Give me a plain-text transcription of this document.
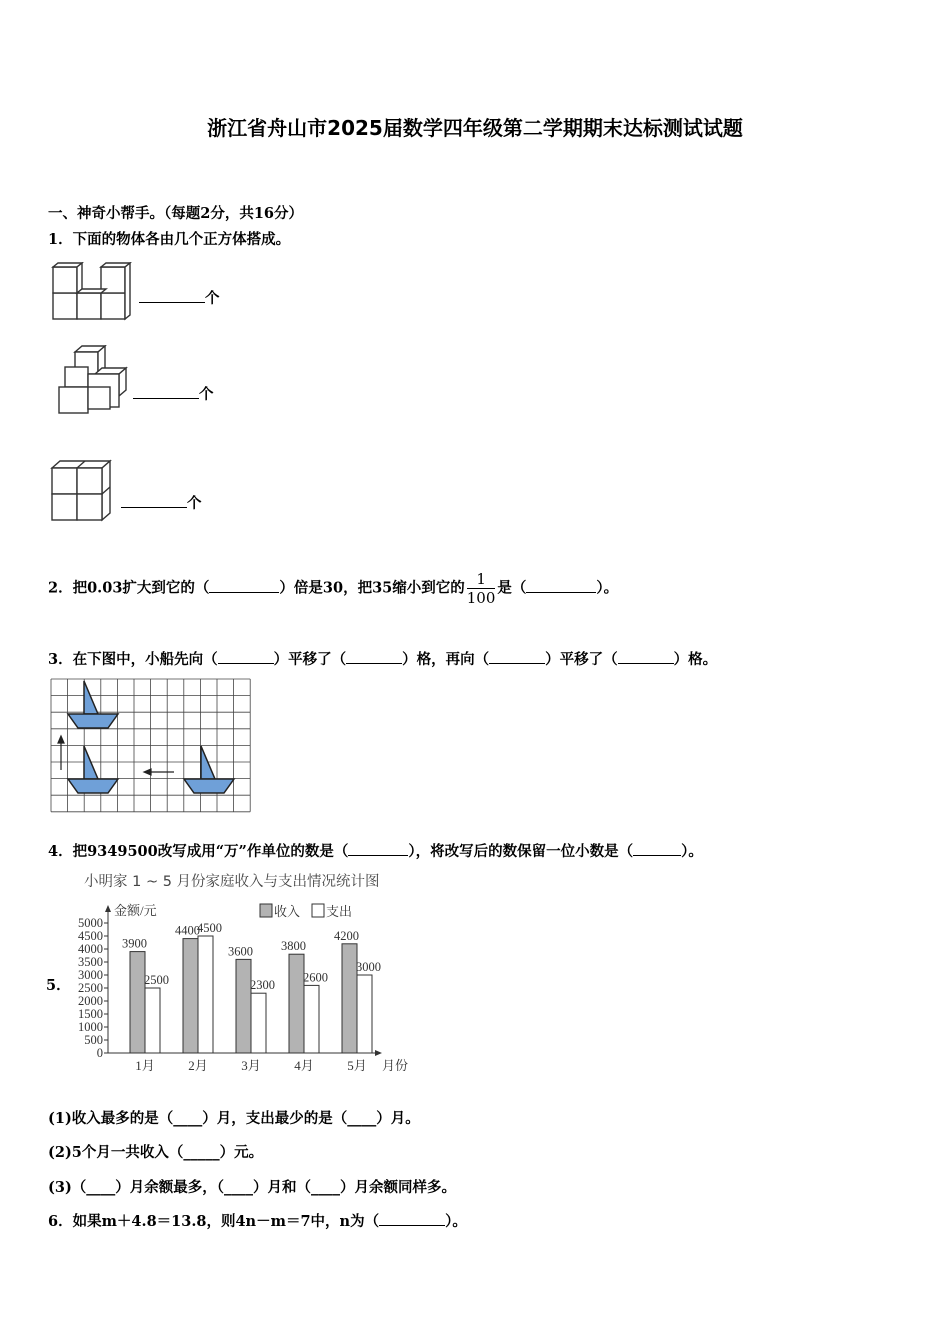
浙江省舟山市2025届数学四年级第二学期期末达标测试试题
一、神奇小帮手。（每题2分，共16分）
1．下面的物体各由几个正方体搭成。
个
个
个
2．把0.03扩大到它的（	）倍是30，把35缩小到它的 $\frac{1}{100}$ 是（	）。
3．在下图中，小船先向（	）平移了（	）格，再向（	）平移了（	）格。
4．把9349500改写成用“万”作单位的数是（	），将改写后的数保留一位小数是（	）。
小明家 1 ~ 5 月份家庭收入与支出情况统计图
5．
金额/元
月份
0
500
1000
1500
2000
2500
3000
3500
4000
4500
5000
3900
2500
1月
4400
4500
2月
3600
2300
3月
3800
2600
4月
4200
3000
5月
收入 支出
(1)收入最多的是（____）月，支出最少的是（____）月。
(2)5个月一共收入（_____）元。
(3)（____）月余额最多，（____）月和（____）月余额同样多。
6．如果m＋4.8＝13.8，则4n－m＝7中，n为（	）。
